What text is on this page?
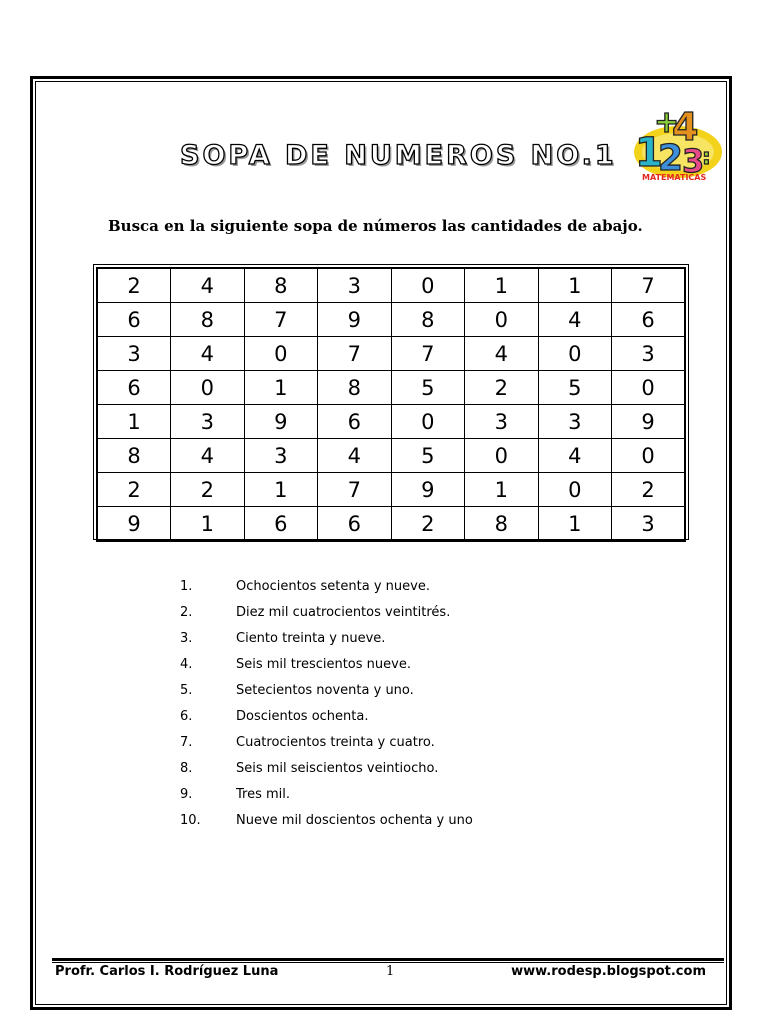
SOPA DE NUMEROS NO.1 1
+
4
2
3
:
MATEMATICAS
Busca en la siguiente sopa de números las cantidades de abajo.
2	4	8	3	0	1	1	7
6	8	7	9	8	0	4	6
3	4	0	7	7	4	0	3
6	0	1	8	5	2	5	0
1	3	9	6	0	3	3	9
8	4	3	4	5	0	4	0
2	2	1	7	9	1	0	2
9	1	6	6	2	8	1	3
1.	Ochocientos setenta y nueve.
2.	Diez mil cuatrocientos veintitrés.
3.	Ciento treinta y nueve.
4.	Seis mil trescientos nueve.
5.	Setecientos noventa y uno.
6.	Doscientos ochenta.
7.	Cuatrocientos treinta y cuatro.
8.	Seis mil seiscientos veintiocho.
9.	Tres mil.
10.	Nueve mil doscientos ochenta y uno
Profr. Carlos I. Rodríguez Luna	1	www.rodesp.blogspot.com
